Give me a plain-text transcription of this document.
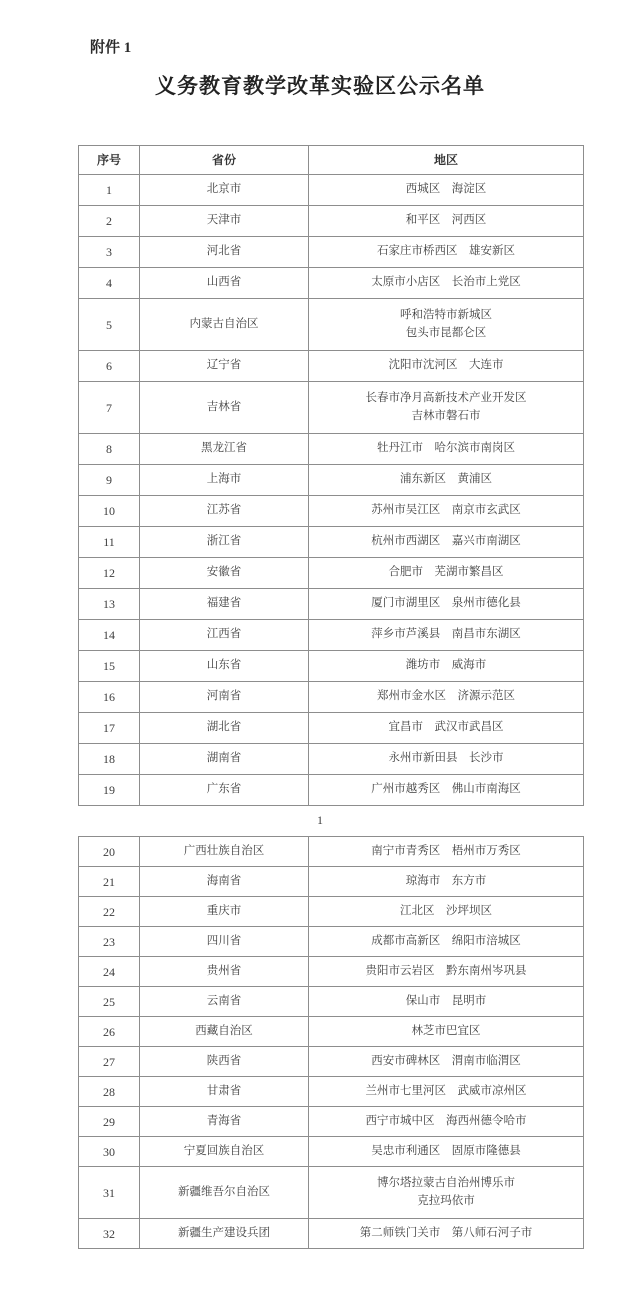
附件 1
义务教育教学改革实验区公示名单
序号	省份	地区
1	北京市	西城区　海淀区

2	天津市	和平区　河西区

3	河北省	石家庄市桥西区　雄安新区

4	山西省	太原市小店区　长治市上党区

5	内蒙古自治区	呼和浩特市新城区
包头市昆都仑区

6	辽宁省	沈阳市沈河区　大连市

7	吉林省	长春市净月高新技术产业开发区
吉林市磐石市

8	黑龙江省	牡丹江市　哈尔滨市南岗区

9	上海市	浦东新区　黄浦区

10	江苏省	苏州市吴江区　南京市玄武区

11	浙江省	杭州市西湖区　嘉兴市南湖区

12	安徽省	合肥市　芜湖市繁昌区

13	福建省	厦门市湖里区　泉州市德化县

14	江西省	萍乡市芦溪县　南昌市东湖区

15	山东省	潍坊市　威海市

16	河南省	郑州市金水区　济源示范区

17	湖北省	宜昌市　武汉市武昌区

18	湖南省	永州市新田县　长沙市

19	广东省	广州市越秀区　佛山市南海区
1
20	广西壮族自治区	南宁市青秀区　梧州市万秀区

21	海南省	琼海市　东方市

22	重庆市	江北区　沙坪坝区

23	四川省	成都市高新区　绵阳市涪城区

24	贵州省	贵阳市云岩区　黔东南州岑巩县

25	云南省	保山市　昆明市

26	西藏自治区	林芝市巴宜区

27	陕西省	西安市碑林区　渭南市临渭区

28	甘肃省	兰州市七里河区　武威市凉州区

29	青海省	西宁市城中区　海西州德令哈市

30	宁夏回族自治区	吴忠市利通区　固原市隆德县

31	新疆维吾尔自治区	博尔塔拉蒙古自治州博乐市
克拉玛依市

32	新疆生产建设兵团	第二师铁门关市　第八师石河子市
